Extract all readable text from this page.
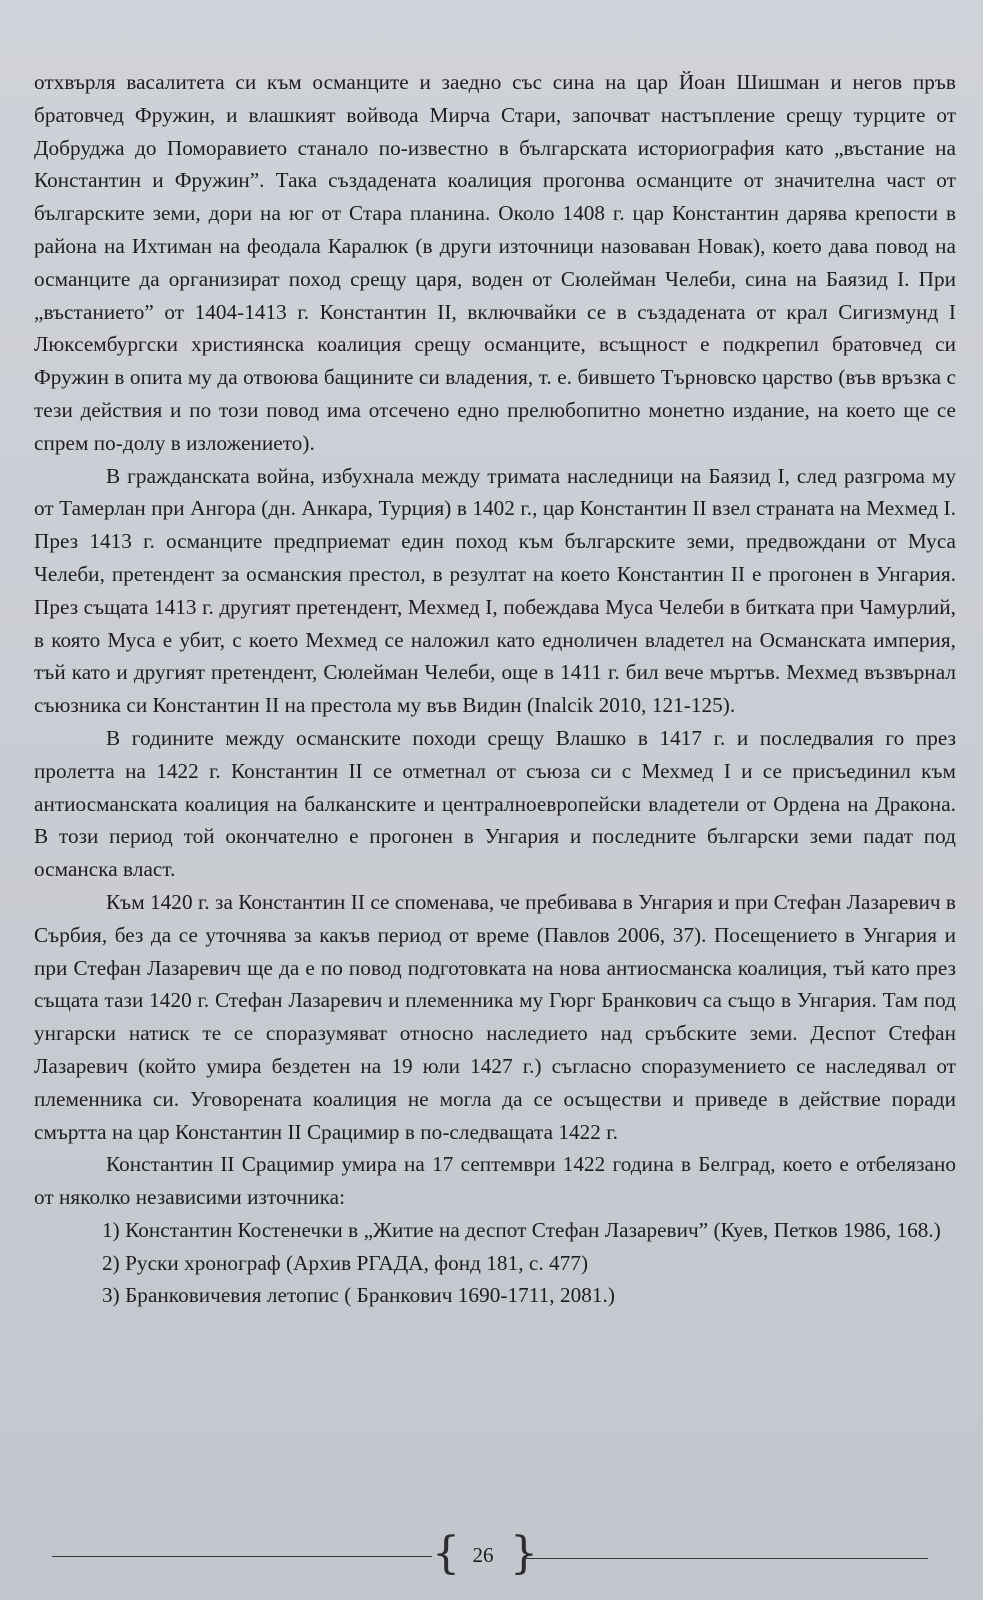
отхвърля васалитета си към османците и заедно със сина на цар Йоан Шишман и негов пръв братовчед Фружин, и влашкият войвода Мирча Стари, започват настъпление срещу турците от Добруджа до Поморавието станало по-известно в българската историография като „въстание на Константин и Фружин”. Така създадената коалиция прогонва османците от значителна част от българските земи, дори на юг от Стара планина. Около 1408 г. цар Константин дарява крепости в района на Ихтиман на феодала Каралюк (в други източници назоваван Новак), което дава повод на османците да организират поход срещу царя, воден от Сюлейман Челеби, сина на Баязид I. При „въстанието” от 1404-1413 г. Константин II, включвайки се в създадената от крал Сигизмунд I Люксембургски християнска коалиция срещу османците, всъщност е подкрепил братовчед си Фружин в опита му да отвоюва бащините си владения, т. е. бившето Търновско царство (във връзка с тези действия и по този повод има отсечено едно прелюбопитно монетно издание, на което ще се спрем по-долу в изложението).

В гражданската война, избухнала между тримата наследници на Баязид I, след разгрома му от Тамерлан при Ангора (дн. Анкара, Турция) в 1402 г., цар Константин II взел страната на Мехмед I. През 1413 г. османците предприемат един поход към българските земи, предвождани от Муса Челеби, претендент за османския престол, в резултат на което Константин II е прогонен в Унгария. През същата 1413 г. другият претендент, Мехмед I, побеждава Муса Челеби в битката при Чамурлий, в която Муса е убит, с което Мехмед се наложил като едноличен владетел на Османската империя, тъй като и другият претендент, Сюлейман Челеби, още в 1411 г. бил вече мъртъв. Мехмед възвърнал съюзника си Константин II на престола му във Видин (Inalcik 2010, 121-125).

В годините между османските походи срещу Влашко в 1417 г. и последвалия го през пролетта на 1422 г. Константин II се отметнал от съюза си с Мехмед I и се присъединил към антиосманската коалиция на балканските и централноевропейски владетели от Ордена на Дракона. В този период той окончателно е прогонен в Унгария и последните български земи падат под османска власт.

Към 1420 г. за Константин II се споменава, че пребивава в Унгария и при Стефан Лазаревич в Сърбия, без да се уточнява за какъв период от време (Павлов 2006, 37). Посещението в Унгария и при Стефан Лазаревич ще да е по повод подготовката на нова антиосманска коалиция, тъй като през същата тази 1420 г. Стефан Лазаревич и племенника му Гюрг Бранкович са също в Унгария. Там под унгарски натиск те се споразумяват относно наследието над сръбските земи. Деспот Стефан Лазаревич (който умира бездетен на 19 юли 1427 г.) съгласно споразумението се наследявал от племенника си. Уговорената коалиция не могла да се осъществи и приведе в действие поради смъртта на цар Константин II Срацимир в по-следващата 1422 г.

Константин II Срацимир умира на 17 септември 1422 година в Белград, което е отбелязано от няколко независими източника:

1) Константин Костенечки в „Житие на деспот Стефан Лазаревич” (Куев, Петков 1986, 168.)

2) Руски хронограф (Архив РГАДА, фонд 181, с. 477)

3) Бранковичевия летопис ( Бранкович 1690-1711, 2081.)

{ 26 }
